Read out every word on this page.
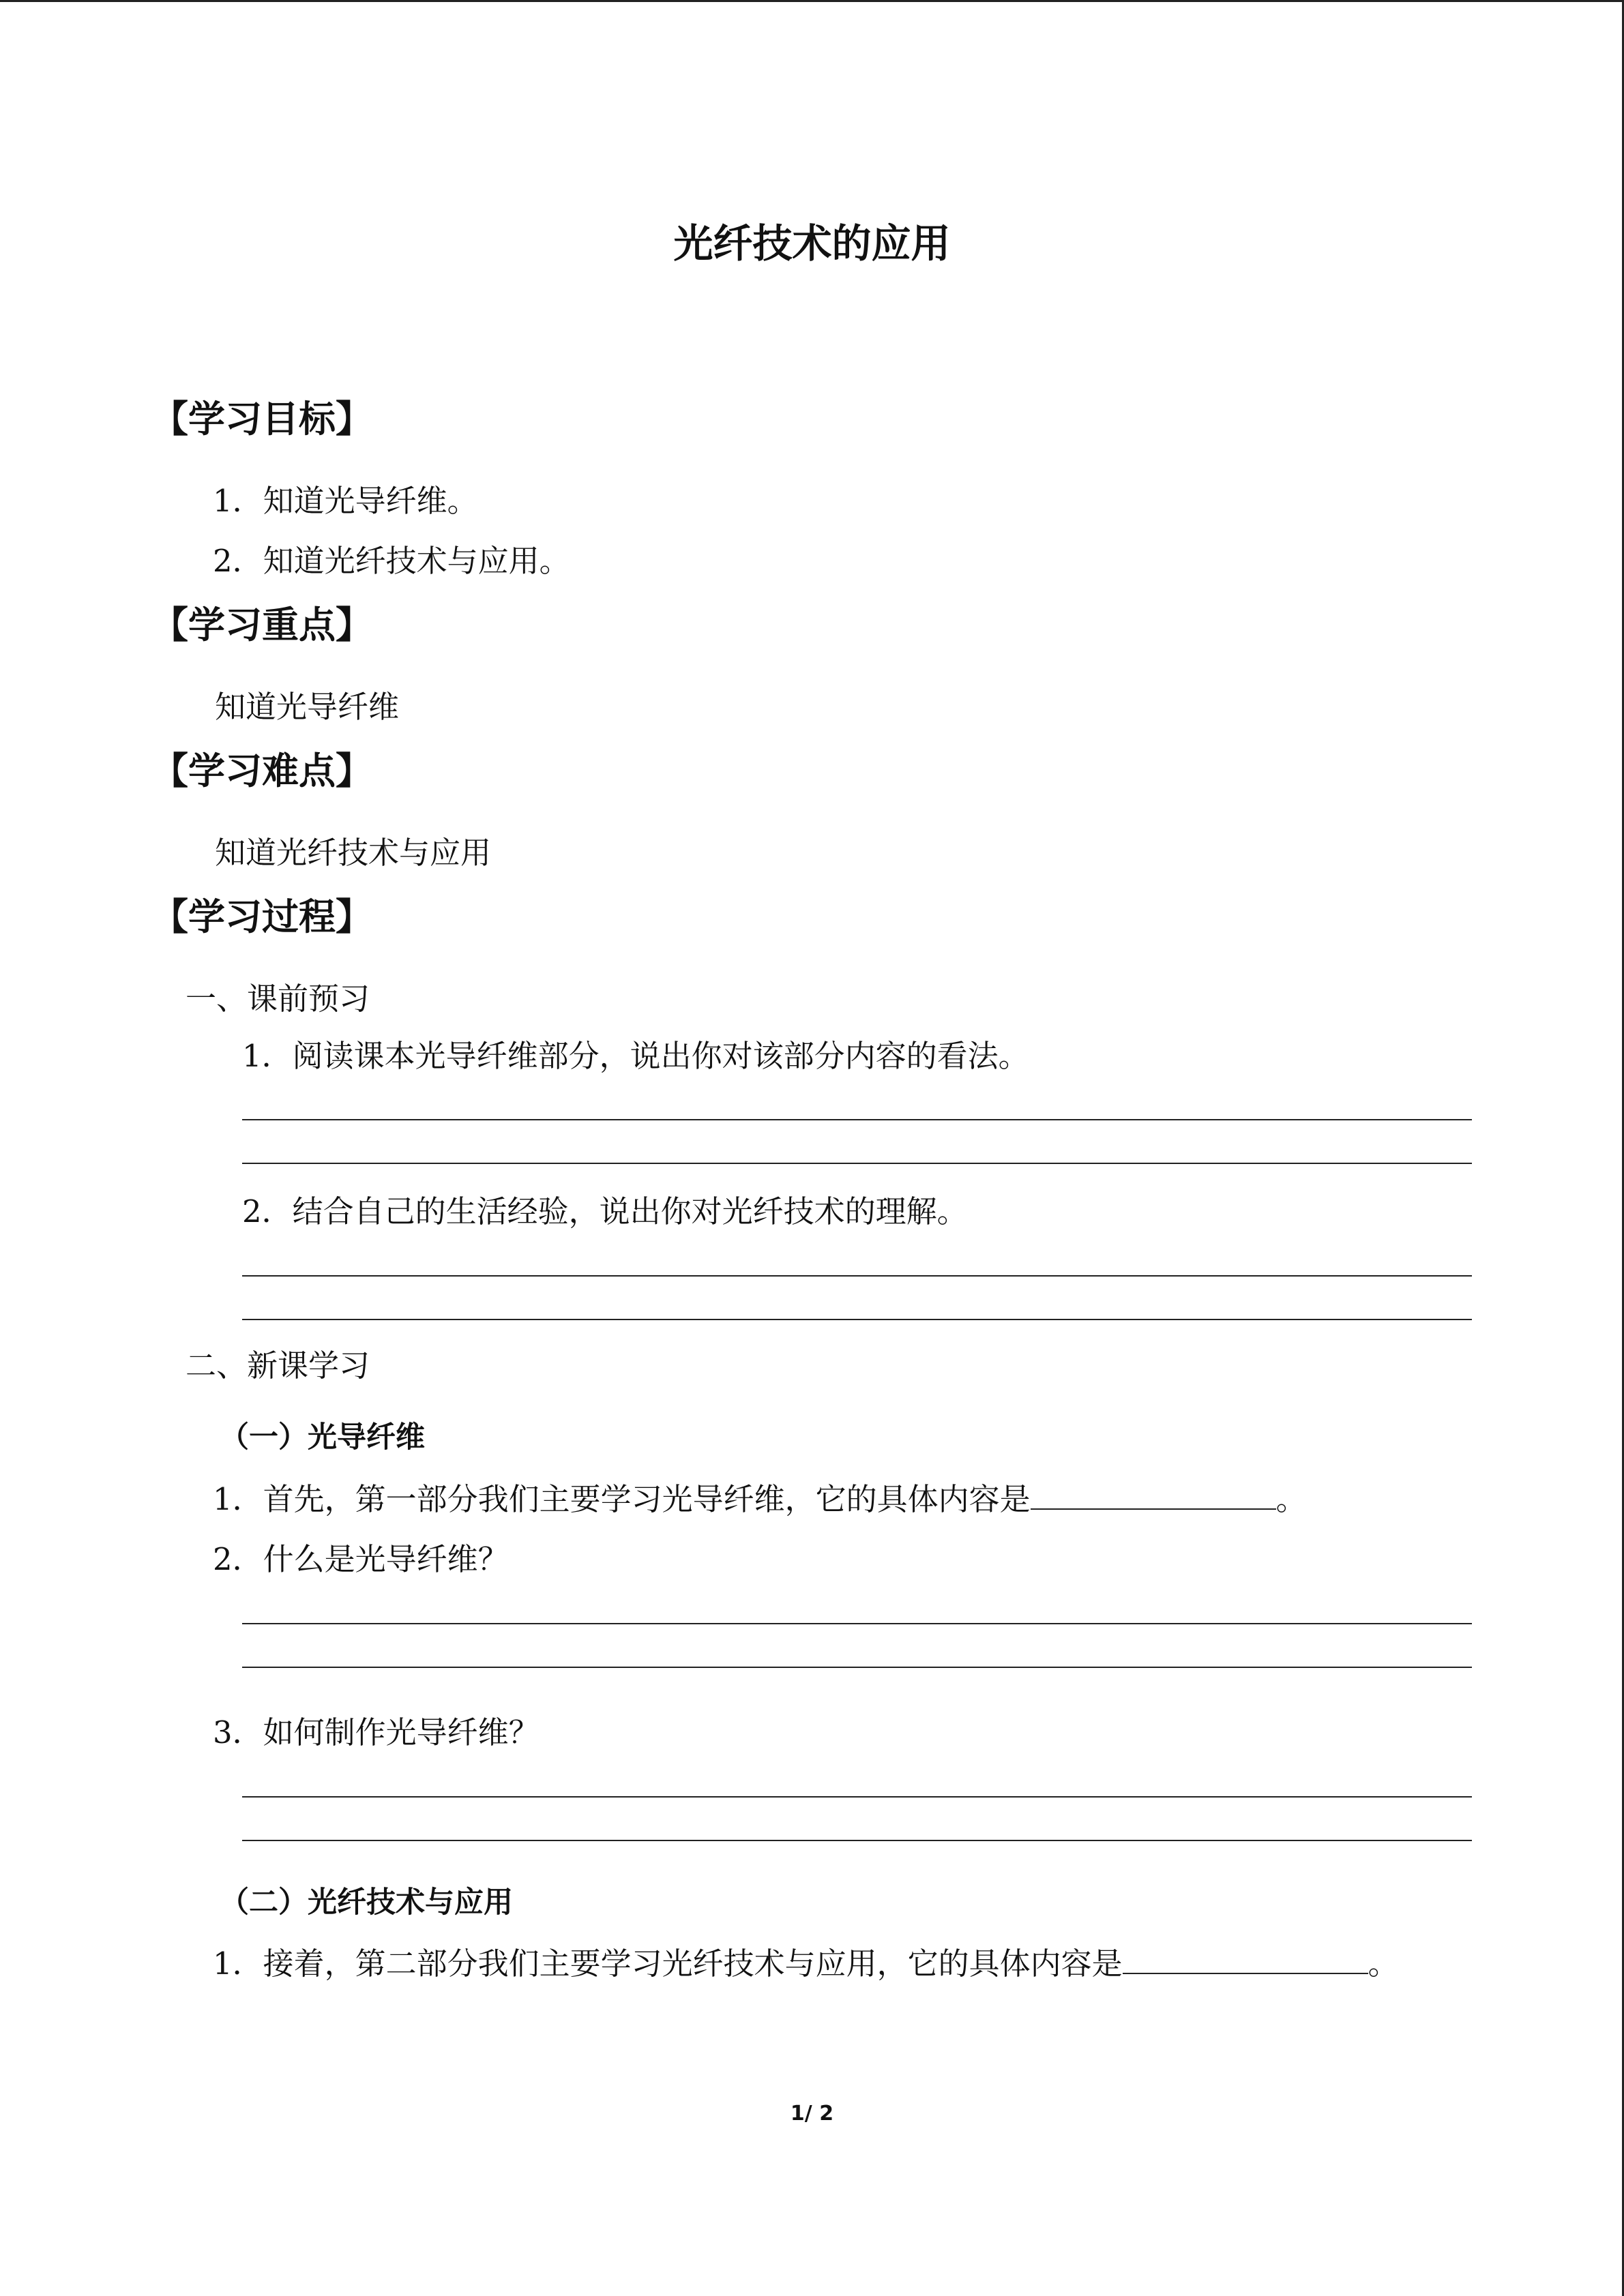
光纤技术的应用
【学习目标】
1．知道光导纤维。
2．知道光纤技术与应用。
【学习重点】
知道光导纤维
【学习难点】
知道光纤技术与应用
【学习过程】
一、课前预习
1．阅读课本光导纤维部分，说出你对该部分内容的看法。
2．结合自己的生活经验，说出你对光纤技术的理解。
二、新课学习
（一）光导纤维
1．首先，第一部分我们主要学习光导纤维，它的具体内容是	。
2．什么是光导纤维？
3．如何制作光导纤维？
（二）光纤技术与应用
1．接着，第二部分我们主要学习光纤技术与应用，它的具体内容是	。
1/ 2
